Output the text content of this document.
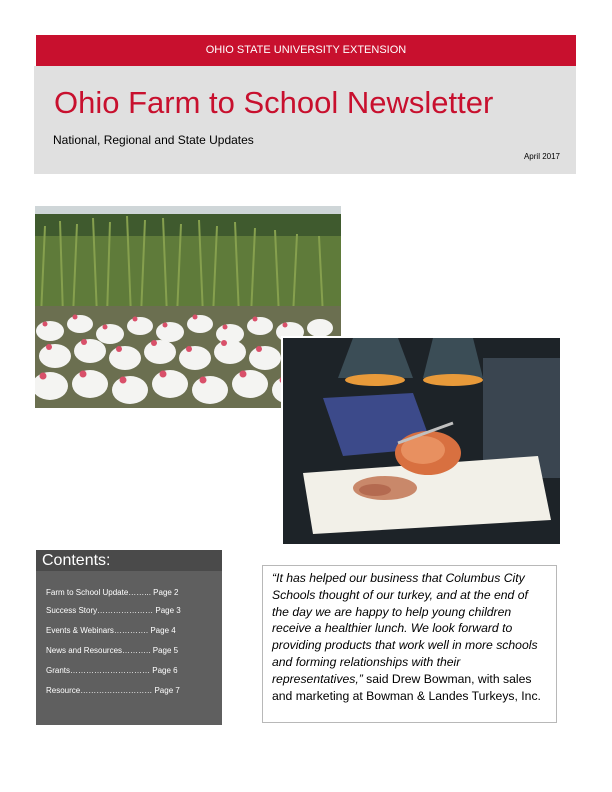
OHIO STATE UNIVERSITY EXTENSION
Ohio Farm to School Newsletter
National, Regional and State Updates
April 2017
Contents:
Farm to School Update……... Page 2
Success Story………………… Page 3
Events & Webinars…………. Page 4
News and Resources……….. Page 5
Grants………………………… Page 6
Resource……………………… Page 7
“It has helped our business that Columbus City Schools thought of our turkey, and at the end of the day we are happy to help young children receive a healthier lunch. We look forward to providing products that work well in more schools and forming relationships with their representatives,” said Drew Bowman, with sales and marketing at Bowman & Landes Turkeys, Inc.
